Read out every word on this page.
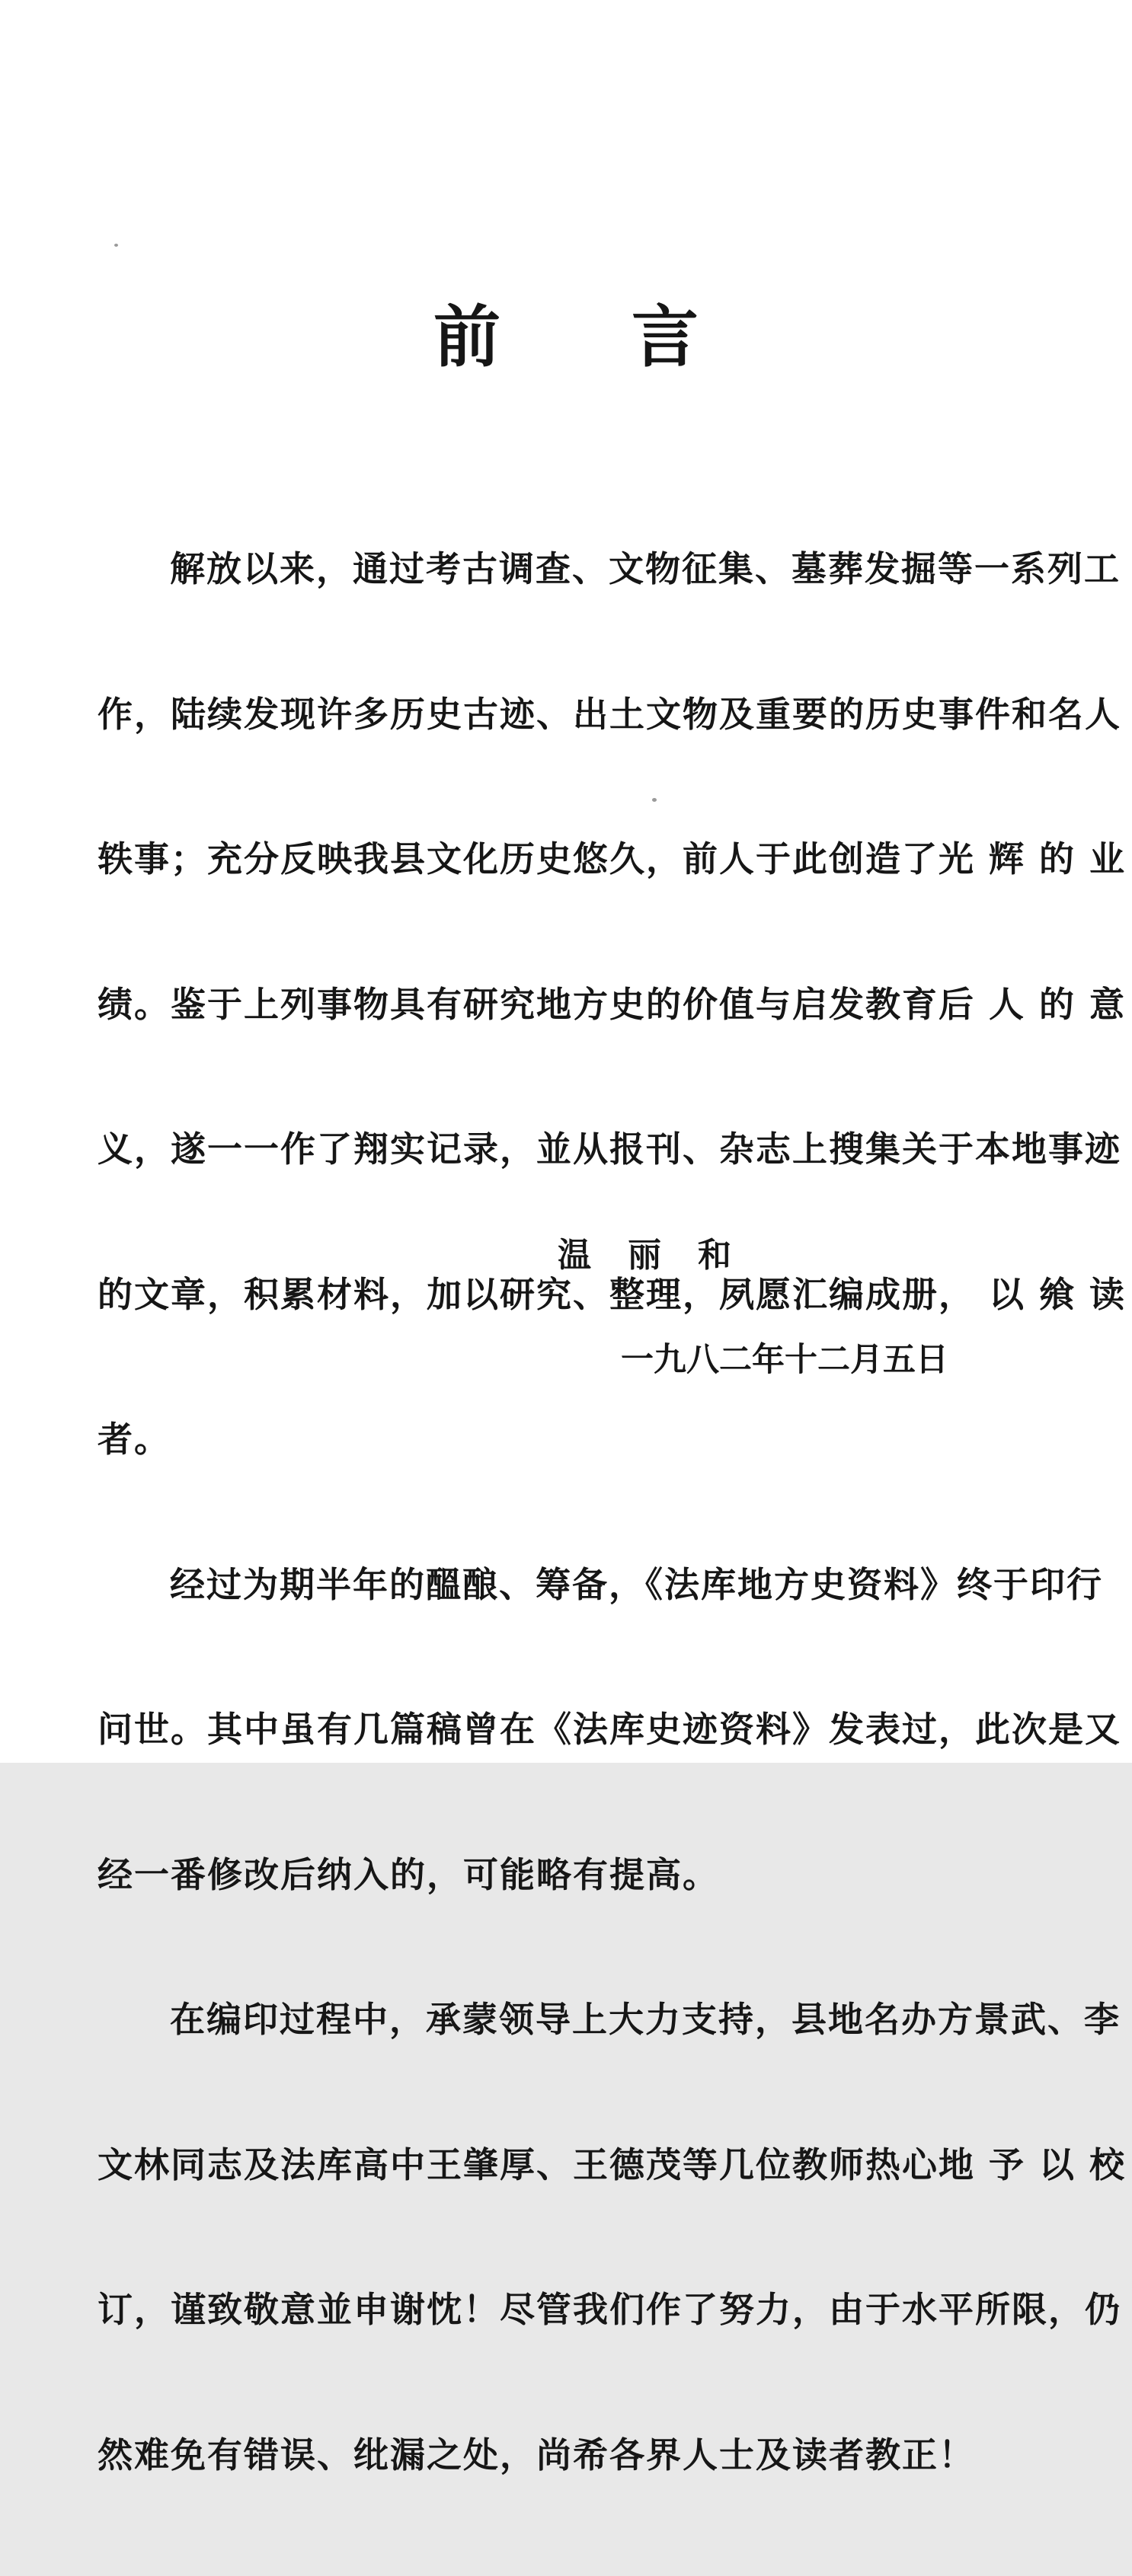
前 言

解放以来，通过考古调查、文物征集、墓葬发掘等一系列工

作，陆续发现许多历史古迹、出土文物及重要的历史事件和名人

轶事；充分反映我县文化历史悠久，前人于此创造了光 辉 的 业

绩。鉴于上列事物具有研究地方史的价值与启发教育后 人 的 意

义，遂一一作了翔实记录，並从报刊、杂志上搜集关于本地事迹

的文章，积累材料，加以研究、整理，夙愿汇编成册， 以 飨 读

者。

经过为期半年的醞酿、筹备，《法库地方史资料》终于印行

问世。其中虽有几篇稿曾在《法库史迹资料》发表过，此次是又

经一番修改后纳入的，可能略有提高。

在编印过程中，承蒙领导上大力支持，县地名办方景武、李

文林同志及法库高中王肇厚、王德茂等几位教师热心地 予 以 校

订，谨致敬意並申谢忱！尽管我们作了努力，由于水平所限，仍

然难免有错误、纰漏之处，尚希各界人士及读者教正！

温　丽　和
一九八二年十二月五日
